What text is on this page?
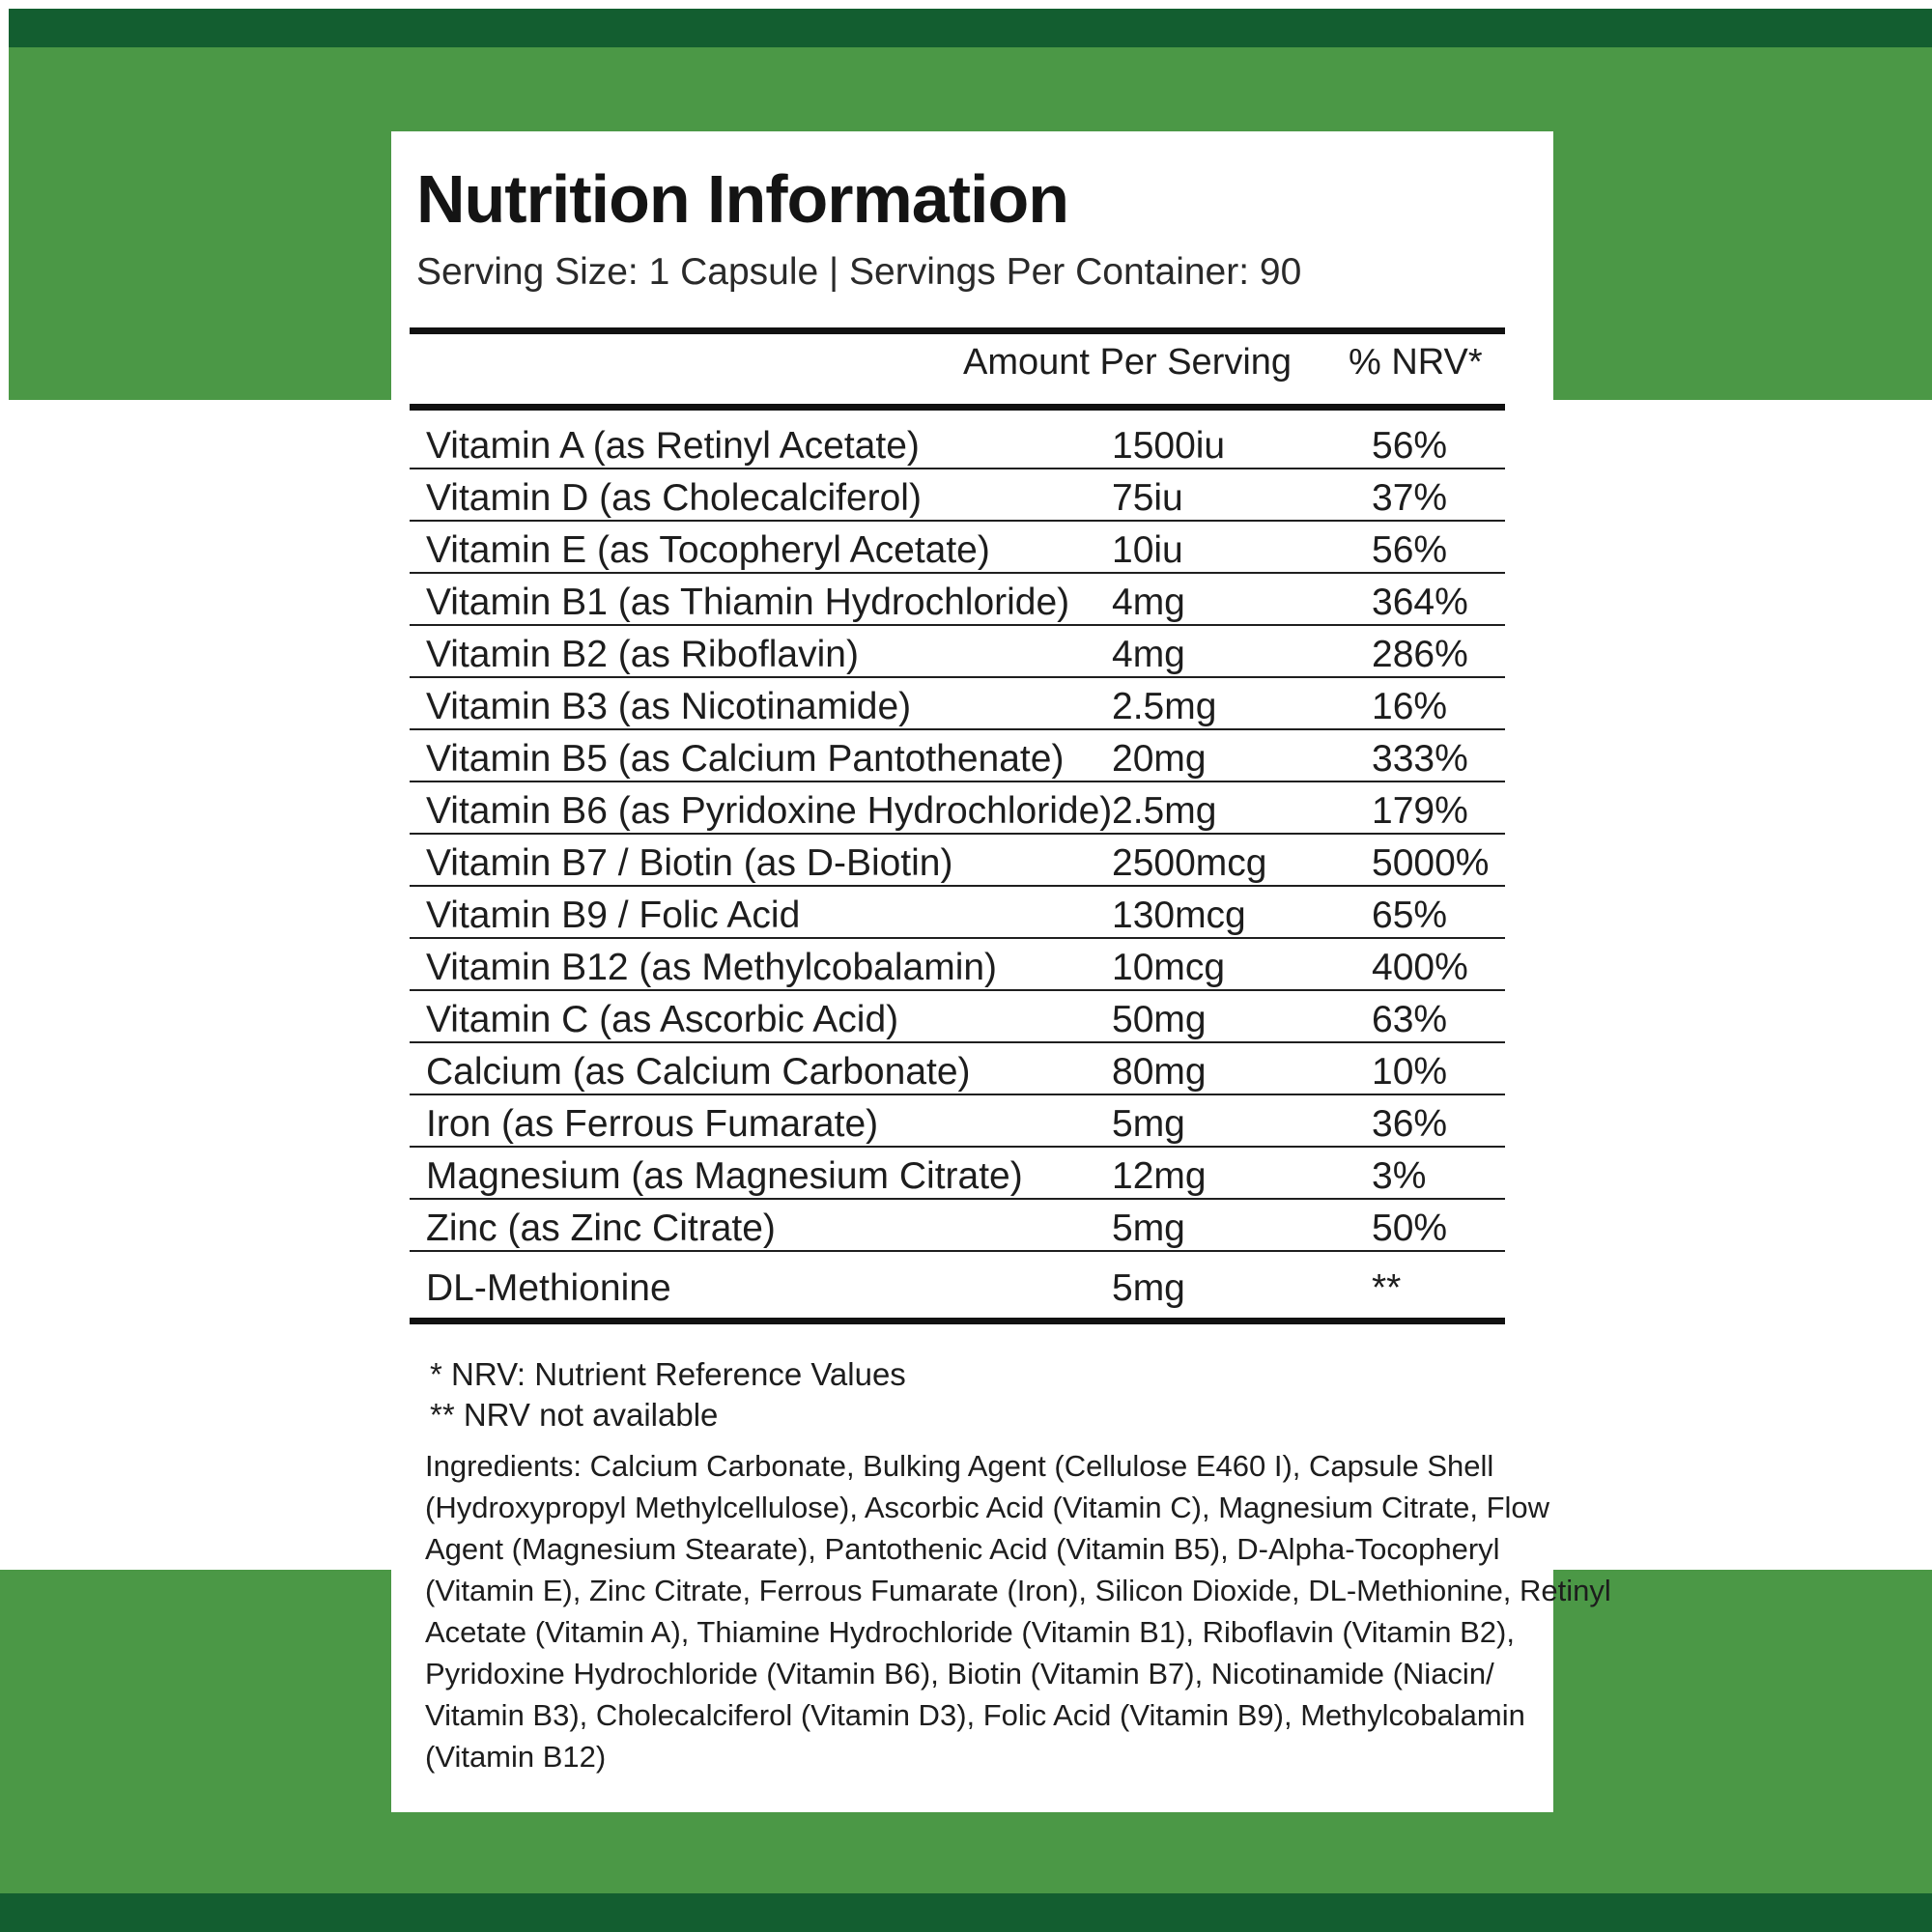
Nutrition Information
Serving Size: 1 Capsule | Servings Per Container: 90
Amount Per Serving % NRV*
Vitamin A (as Retinyl Acetate)	1500iu	56%
Vitamin D (as Cholecalciferol)	75iu	37%
Vitamin E (as Tocopheryl Acetate)	10iu	56%
Vitamin B1 (as Thiamin Hydrochloride) 4mg	364%
Vitamin B2 (as Riboflavin)	4mg	286%
Vitamin B3 (as Nicotinamide)	2.5mg	16%
Vitamin B5 (as Calcium Pantothenate) 20mg	333%
Vitamin B6 (as Pyridoxine Hydrochloride) 2.5mg	179%
Vitamin B7 / Biotin (as D-Biotin)	2500mcg	5000%
Vitamin B9 / Folic Acid	130mcg	65%
Vitamin B12 (as Methylcobalamin)	10mcg	400%
Vitamin C (as Ascorbic Acid)	50mg	63%
Calcium (as Calcium Carbonate)	80mg	10%
Iron (as Ferrous Fumarate)	5mg	36%
Magnesium (as Magnesium Citrate) 12mg	3%
Zinc (as Zinc Citrate)	5mg	50%
DL-Methionine	5mg	**
* NRV: Nutrient Reference Values
** NRV not available
Ingredients: Calcium Carbonate, Bulking Agent (Cellulose E460 I), Capsule Shell
(Hydroxypropyl Methylcellulose), Ascorbic Acid (Vitamin C), Magnesium Citrate, Flow
Agent (Magnesium Stearate), Pantothenic Acid (Vitamin B5), D-Alpha-Tocopheryl
(Vitamin E), Zinc Citrate, Ferrous Fumarate (Iron), Silicon Dioxide, DL-Methionine, Retinyl
Acetate (Vitamin A), Thiamine Hydrochloride (Vitamin B1), Riboflavin (Vitamin B2),
Pyridoxine Hydrochloride (Vitamin B6), Biotin (Vitamin B7), Nicotinamide (Niacin/
Vitamin B3), Cholecalciferol (Vitamin D3), Folic Acid (Vitamin B9), Methylcobalamin
(Vitamin B12)
